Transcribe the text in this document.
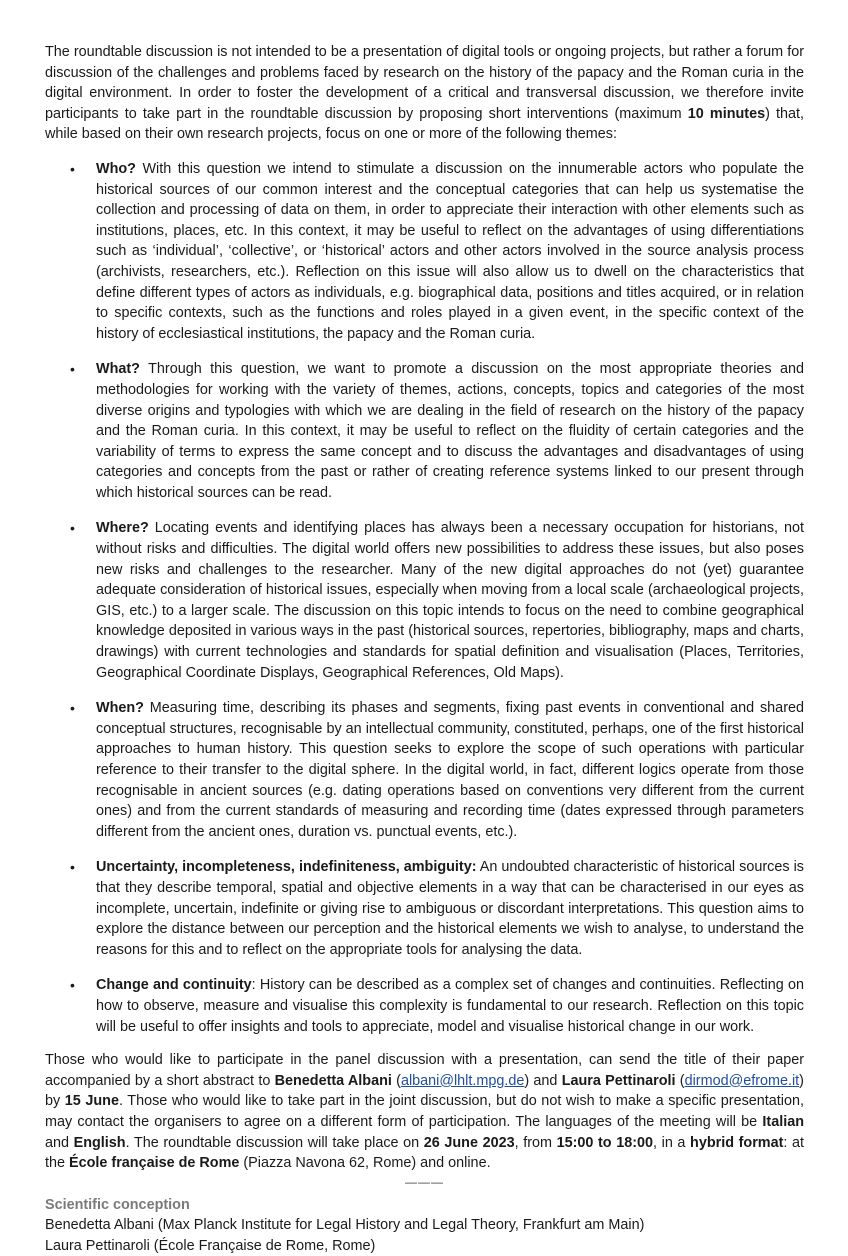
The roundtable discussion is not intended to be a presentation of digital tools or ongoing projects, but rather a forum for discussion of the challenges and problems faced by research on the history of the papacy and the Roman curia in the digital environment. In order to foster the development of a critical and transversal discussion, we therefore invite participants to take part in the roundtable discussion by proposing short interventions (maximum 10 minutes) that, while based on their own research projects, focus on one or more of the following themes:

• Who? With this question we intend to stimulate a discussion on the innumerable actors who populate the historical sources of our common interest and the conceptual categories that can help us systematise the collection and processing of data on them, in order to appreciate their interaction with other elements such as institutions, places, etc. In this context, it may be useful to reflect on the advantages of using differentiations such as ‘individual’, ‘collective’, or ‘historical’ actors and other actors involved in the source analysis process (archivists, researchers, etc.). Reflection on this issue will also allow us to dwell on the characteristics that define different types of actors as individuals, e.g. biographical data, positions and titles acquired, or in relation to specific contexts, such as the functions and roles played in a given event, in the specific context of the history of ecclesiastical institutions, the papacy and the Roman curia.
• What? Through this question, we want to promote a discussion on the most appropriate theories and methodologies for working with the variety of themes, actions, concepts, topics and categories of the most diverse origins and typologies with which we are dealing in the field of research on the history of the papacy and the Roman curia. In this context, it may be useful to reflect on the fluidity of certain categories and the variability of terms to express the same concept and to discuss the advantages and disadvantages of using categories and concepts from the past or rather of creating reference systems linked to our present through which historical sources can be read.
• Where? Locating events and identifying places has always been a necessary occupation for historians, not without risks and difficulties. The digital world offers new possibilities to address these issues, but also poses new risks and challenges to the researcher. Many of the new digital approaches do not (yet) guarantee adequate consideration of historical issues, especially when moving from a local scale (archaeological projects, GIS, etc.) to a larger scale. The discussion on this topic intends to focus on the need to combine geographical knowledge deposited in various ways in the past (historical sources, repertories, bibliography, maps and charts, drawings) with current technologies and standards for spatial definition and visualisation (Places, Territories, Geographical Coordinate Displays, Geographical References, Old Maps).
• When? Measuring time, describing its phases and segments, fixing past events in conventional and shared conceptual structures, recognisable by an intellectual community, constituted, perhaps, one of the first historical approaches to human history. This question seeks to explore the scope of such operations with particular reference to their transfer to the digital sphere. In the digital world, in fact, different logics operate from those recognisable in ancient sources (e.g. dating operations based on conventions very different from the current ones) and from the current standards of measuring and recording time (dates expressed through parameters different from the ancient ones, duration vs. punctual events, etc.).
• Uncertainty, incompleteness, indefiniteness, ambiguity: An undoubted characteristic of historical sources is that they describe temporal, spatial and objective elements in a way that can be characterised in our eyes as incomplete, uncertain, indefinite or giving rise to ambiguous or discordant interpretations. This question aims to explore the distance between our perception and the historical elements we wish to analyse, to understand the reasons for this and to reflect on the appropriate tools for analysing the data.
• Change and continuity: History can be described as a complex set of changes and continuities. Reflecting on how to observe, measure and visualise this complexity is fundamental to our research. Reflection on this topic will be useful to offer insights and tools to appreciate, model and visualise historical change in our work.

Those who would like to participate in the panel discussion with a presentation, can send the title of their paper accompanied by a short abstract to Benedetta Albani (albani@lhlt.mpg.de) and Laura Pettinaroli (dirmod@efrome.it) by 15 June. Those who would like to take part in the joint discussion, but do not wish to make a specific presentation, may contact the organisers to agree on a different form of participation. The languages of the meeting will be Italian and English. The roundtable discussion will take place on 26 June 2023, from 15:00 to 18:00, in a hybrid format: at the École française de Rome (Piazza Navona 62, Rome) and online.

———
Scientific conception
Benedetta Albani (Max Planck Institute for Legal History and Legal Theory, Frankfurt am Main)
Laura Pettinaroli (École Française de Rome, Rome)
